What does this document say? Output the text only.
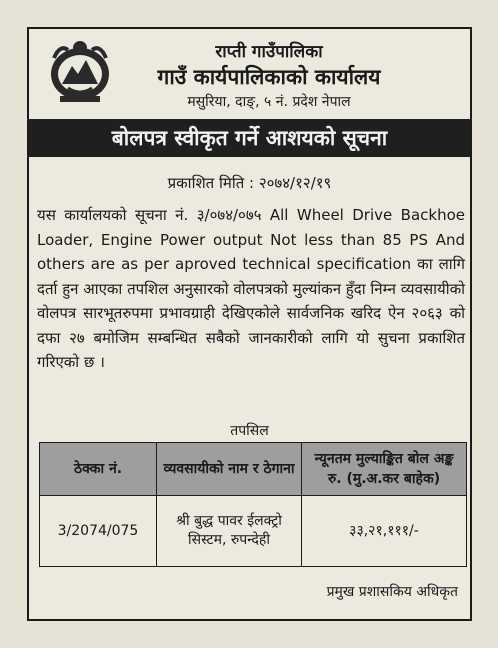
राप्ती गाउँपालिका
गाउँ कार्यपालिकाको कार्यालय
मसुरिया, दाङ्, ५ नं. प्रदेश नेपाल
बोलपत्र स्वीकृत गर्ने आशयको सूचना
प्रकाशित मिति : २०७४/१२/१९
यस कार्यालयको सूचना नं. ३/०७४/०७५ All Wheel Drive Backhoe Loader, Engine Power output Not less than 85 PS And others are as per aproved technical specification का लागि दर्ता हुन आएका तपशिल अनुसारको वोलपत्रको मुल्यांकन हुँदा निम्न व्यवसायीको वोलपत्र सारभूतरुपमा प्रभावग्राही देखिएकोले सार्वजनिक खरिद ऐन २०६३ को दफा २७ बमोजिम सम्बन्धित सबैको जानकारीको लागि यो सुचना प्रकाशित गरिएको छ ।
तपसिल
ठेक्का नं.	व्यवसायीको नाम र ठेगाना	न्यूनतम मुल्याङ्कित बोल अङ्क रु. (मु.अ.कर बाहेक)
3/2074/075	श्री बुद्ध पावर ईलक्ट्रो सिस्टम, रुपन्देही	३३,२१,१११/-
प्रमुख प्रशासकिय अधिकृत
